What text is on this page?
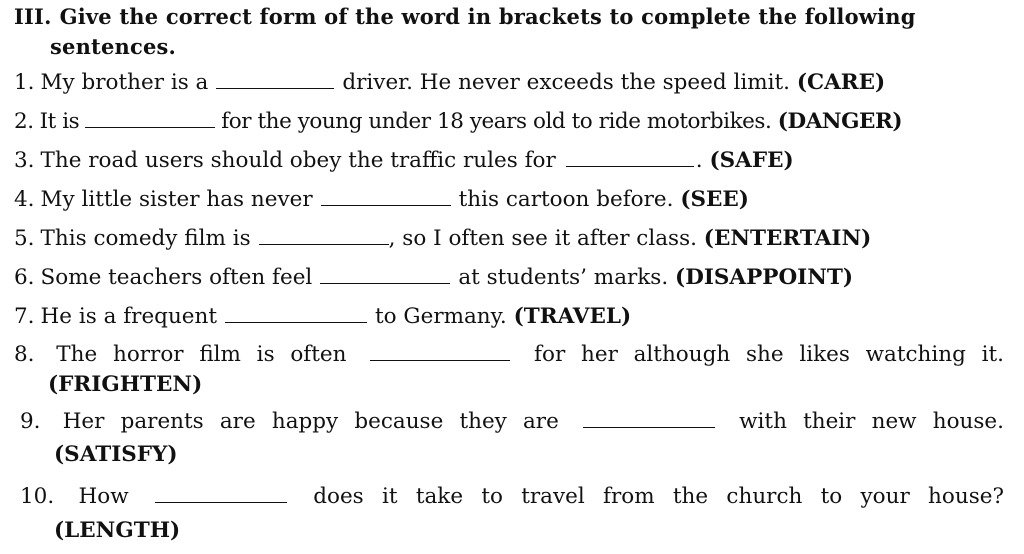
III. Give the correct form of the word in brackets to complete the following
sentences.
1. My brother is a	driver. He never exceeds the speed limit. (CARE)
2. It is	for the young under 18 years old to ride motorbikes. (DANGER)
3. The road users should obey the traffic rules for	. (SAFE)
4. My little sister has never	this cartoon before. (SEE)
5. This comedy film is	, so I often see it after class. (ENTERTAIN)
6. Some teachers often feel	at students’ marks. (DISAPPOINT)
7. He is a frequent	to Germany. (TRAVEL)
8. The horror film is often	for her although she likes watching it.
(FRIGHTEN)
9. Her parents are happy because they are	with their new house.
(SATISFY)
10. How	does it take to travel from the church to your house?
(LENGTH)
